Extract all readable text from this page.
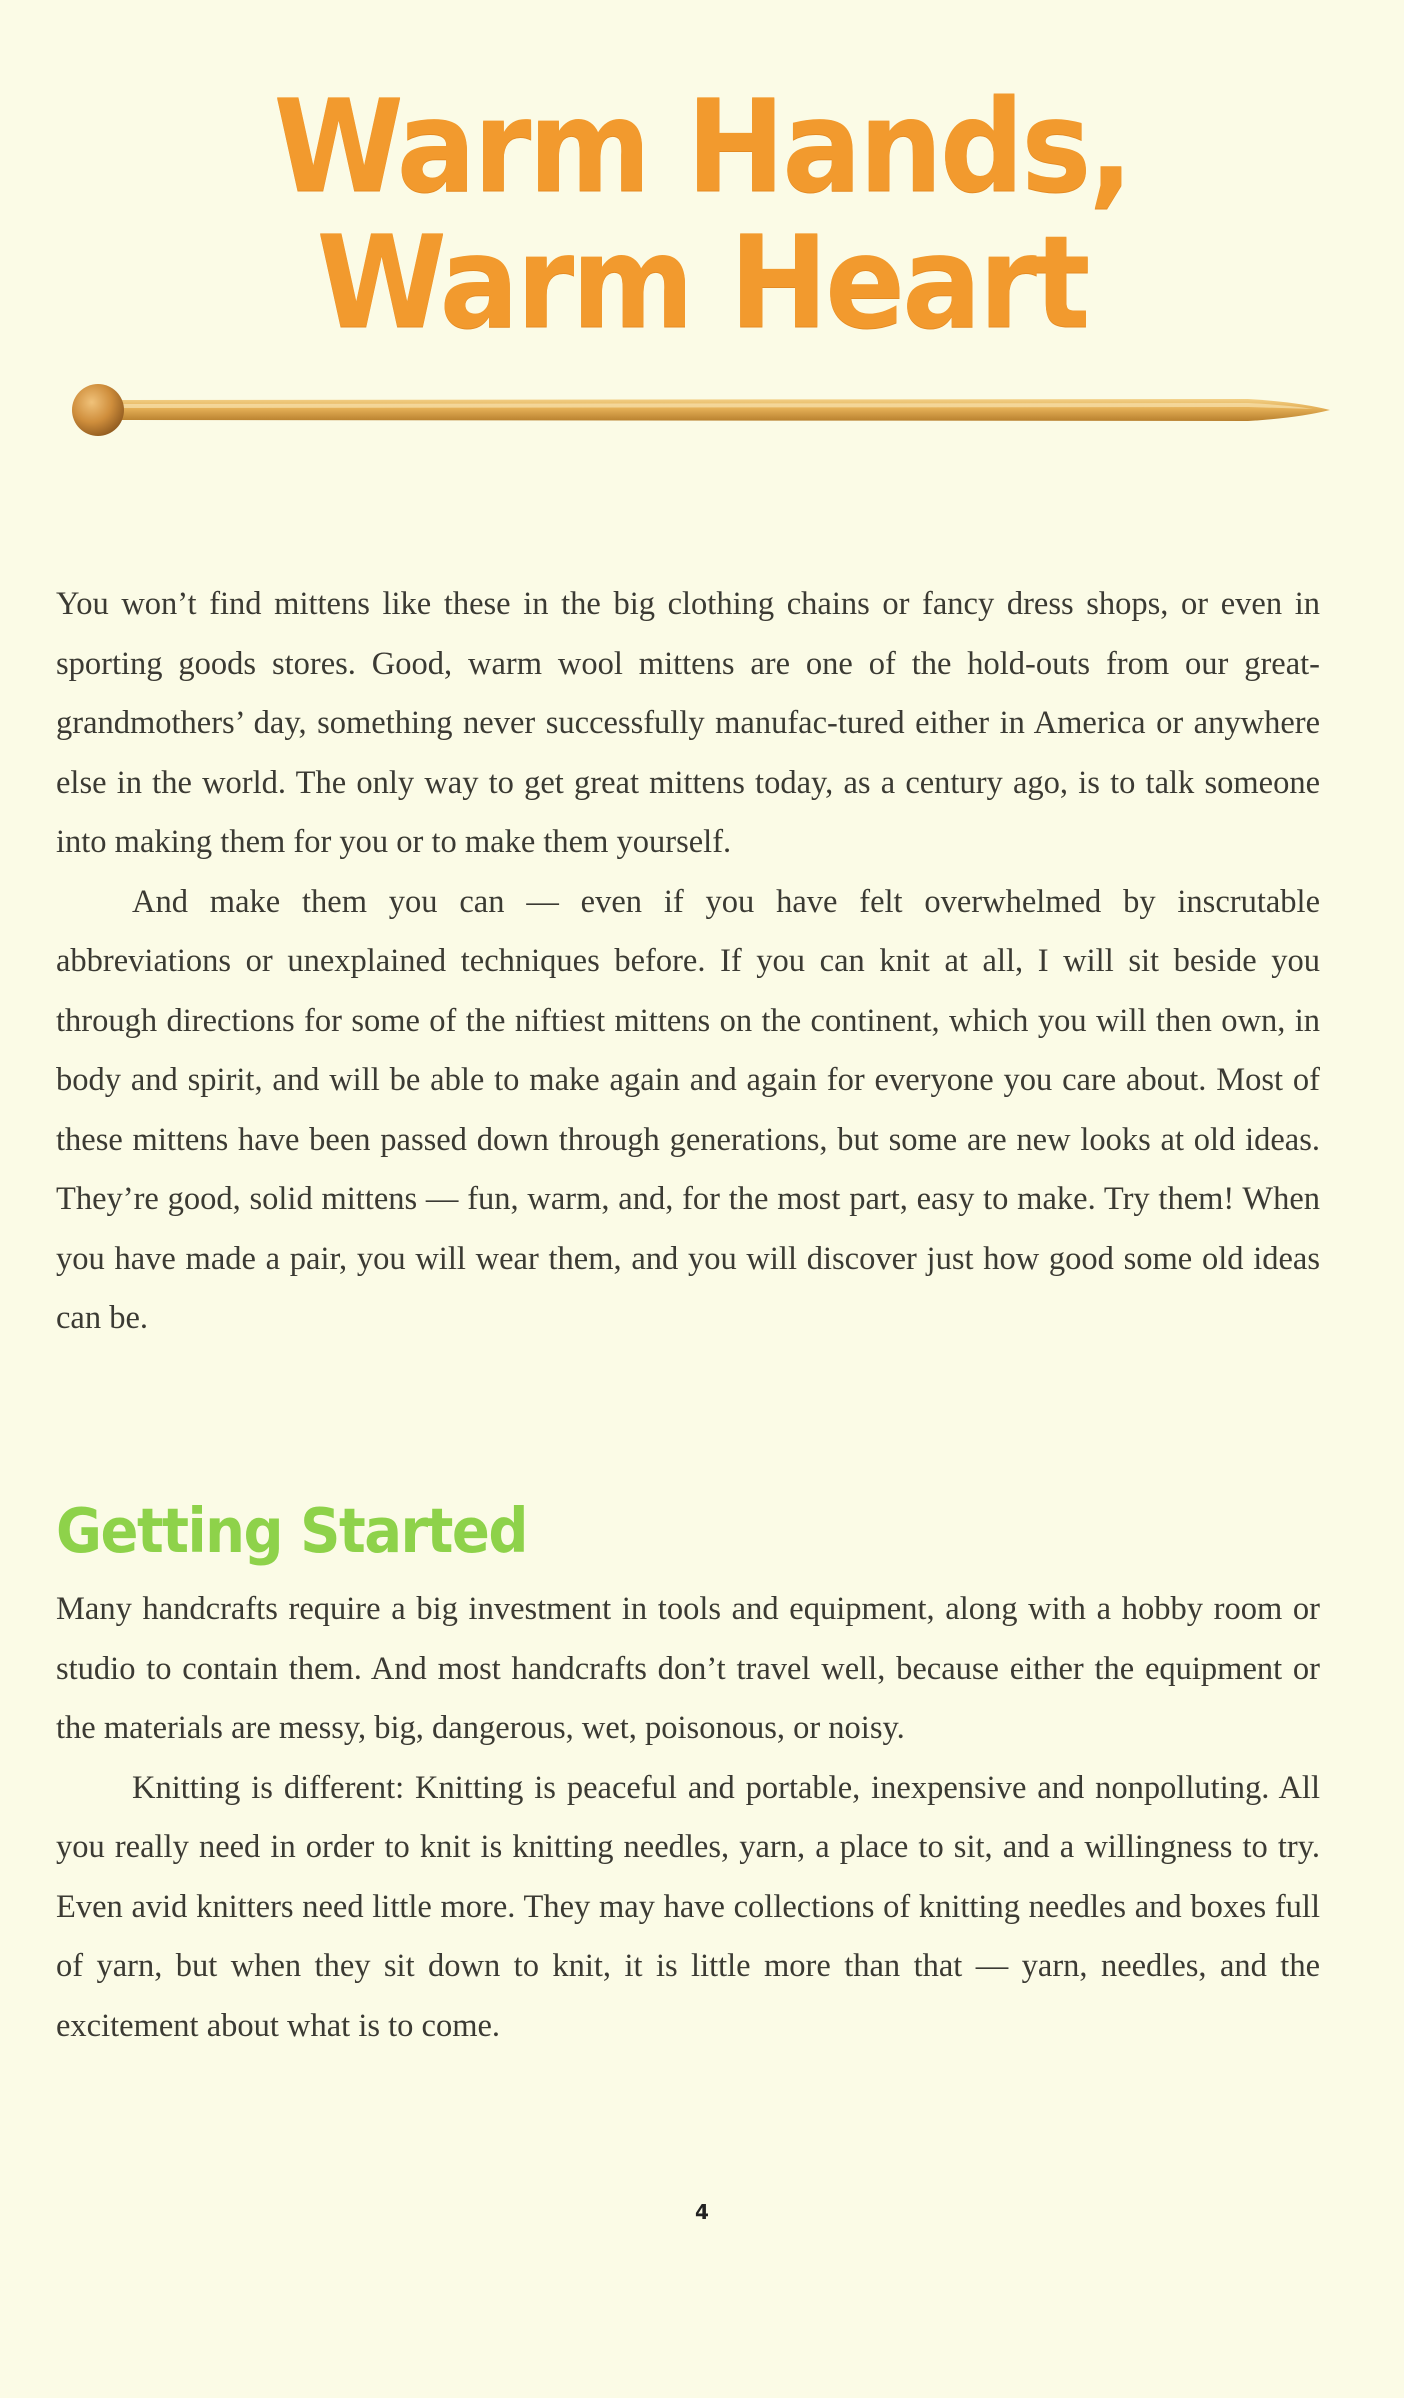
Warm Hands,
Warm Heart

You won’t find mittens like these in the big clothing chains or fancy dress shops, or even in sporting goods stores. Good, warm wool mittens are one of the hold-outs from our great-grandmothers’ day, something never successfully manufac-tured either in America or anywhere else in the world. The only way to get great mittens today, as a century ago, is to talk someone into making them for you or to make them yourself.

And make them you can — even if you have felt overwhelmed by inscrutable abbreviations or unexplained techniques before. If you can knit at all, I will sit beside you through directions for some of the niftiest mittens on the continent, which you will then own, in body and spirit, and will be able to make again and again for everyone you care about. Most of these mittens have been passed down through generations, but some are new looks at old ideas. They’re good, solid mittens — fun, warm, and, for the most part, easy to make. Try them! When you have made a pair, you will wear them, and you will discover just how good some old ideas can be.

Getting Started

Many handcrafts require a big investment in tools and equipment, along with a hobby room or studio to contain them. And most handcrafts don’t travel well, because either the equipment or the materials are messy, big, dangerous, wet, poisonous, or noisy.

Knitting is different: Knitting is peaceful and portable, inexpensive and nonpolluting. All you really need in order to knit is knitting needles, yarn, a place to sit, and a willingness to try. Even avid knitters need little more. They may have collections of knitting needles and boxes full of yarn, but when they sit down to knit, it is little more than that — yarn, needles, and the excitement about what is to come.

4
